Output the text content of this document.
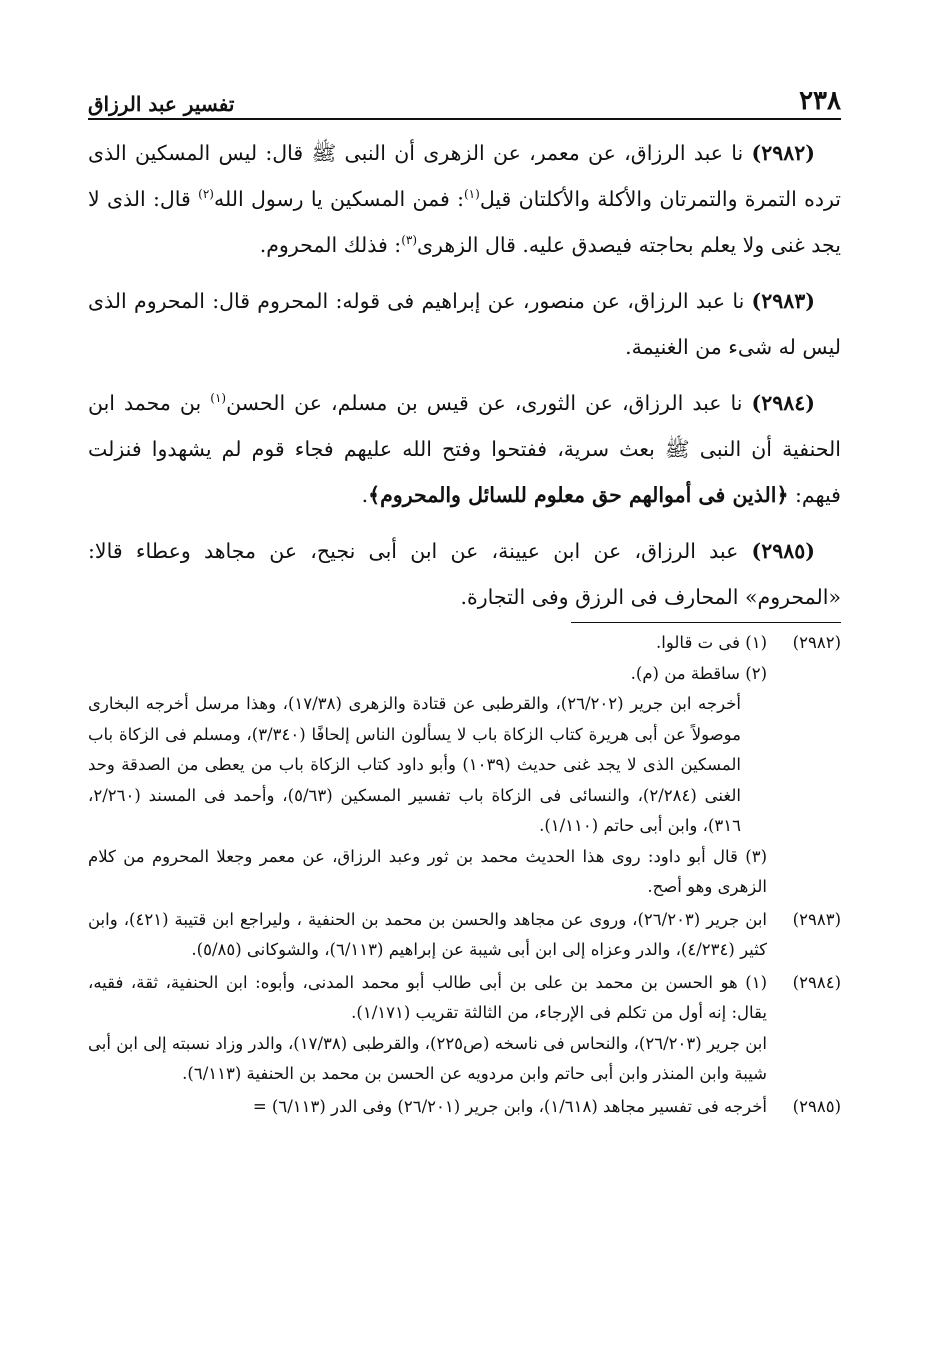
٢٣٨
تفسير عبد الرزاق

(٢٩٨٢) نا عبد الرزاق، عن معمر، عن الزهرى أن النبى ﷺ قال: ليس المسكين الذى ترده التمرة والتمرتان والأكلة والأكلتان قيل$^{(١)}$: فمن المسكين يا رسول الله$^{(٢)}$ قال: الذى لا يجد غنى ولا يعلم بحاجته فيصدق عليه. قال الزهرى$^{(٣)}$: فذلك المحروم.

(٢٩٨٣) نا عبد الرزاق، عن منصور، عن إبراهيم فى قوله: المحروم قال: المحروم الذى ليس له شىء من الغنيمة.

(٢٩٨٤) نا عبد الرزاق، عن الثورى، عن قيس بن مسلم، عن الحسن$^{(١)}$ بن محمد ابن الحنفية أن النبى ﷺ بعث سرية، ففتحوا وفتح الله عليهم فجاء قوم لم يشهدوا فنزلت فيهم: ﴿الذين فى أموالهم حق معلوم للسائل والمحروم﴾.

(٢٩٨٥) عبد الرزاق، عن ابن عيينة، عن ابن أبى نجيح، عن مجاهد وعطاء قالا: «المحروم» المحارف فى الرزق وفى التجارة.

(٢٩٨٢)

(١) فى ت قالوا.

(٢) ساقطة من (م).

أخرجه ابن جرير (٢٦/٢٠٢)، والقرطبى عن قتادة والزهرى (١٧/٣٨)، وهذا مرسل أخرجه البخارى موصولاً عن أبى هريرة كتاب الزكاة باب لا يسألون الناس إلحافًا (٣/٣٤٠)، ومسلم فى الزكاة باب المسكين الذى لا يجد غنى حديث (١٠٣٩) وأبو داود كتاب الزكاة باب من يعطى من الصدقة وحد الغنى (٢/٢٨٤)، والنسائى فى الزكاة باب تفسير المسكين (٥/٦٣)، وأحمد فى المسند (٢/٢٦٠، ٣١٦)، وابن أبى حاتم (١/١١٠).

(٣) قال أبو داود: روى هذا الحديث محمد بن ثور وعبد الرزاق، عن معمر وجعلا المحروم من كلام الزهرى وهو أصح.

(٢٩٨٣)

ابن جرير (٢٦/٢٠٣)، وروى عن مجاهد والحسن بن محمد بن الحنفية ، وليراجع ابن قتيبة (٤٢١)، وابن كثير (٤/٢٣٤)، والدر وعزاه إلى ابن أبى شيبة عن إبراهيم (٦/١١٣)، والشوكانى (٥/٨٥).

(٢٩٨٤)

(١) هو الحسن بن محمد بن على بن أبى طالب أبو محمد المدنى، وأبوه: ابن الحنفية، ثقة، فقيه، يقال: إنه أول من تكلم فى الإرجاء، من الثالثة تقريب (١/١٧١).

ابن جرير (٢٦/٢٠٣)، والنحاس فى ناسخه (ص٢٢٥)، والقرطبى (١٧/٣٨)، والدر وزاد نسبته إلى ابن أبى شيبة وابن المنذر وابن أبى حاتم وابن مردويه عن الحسن بن محمد بن الحنفية (٦/١١٣).

(٢٩٨٥)

أخرجه فى تفسير مجاهد (١/٦١٨)، وابن جرير (٢٦/٢٠١) وفى الدر (٦/١١٣) =
